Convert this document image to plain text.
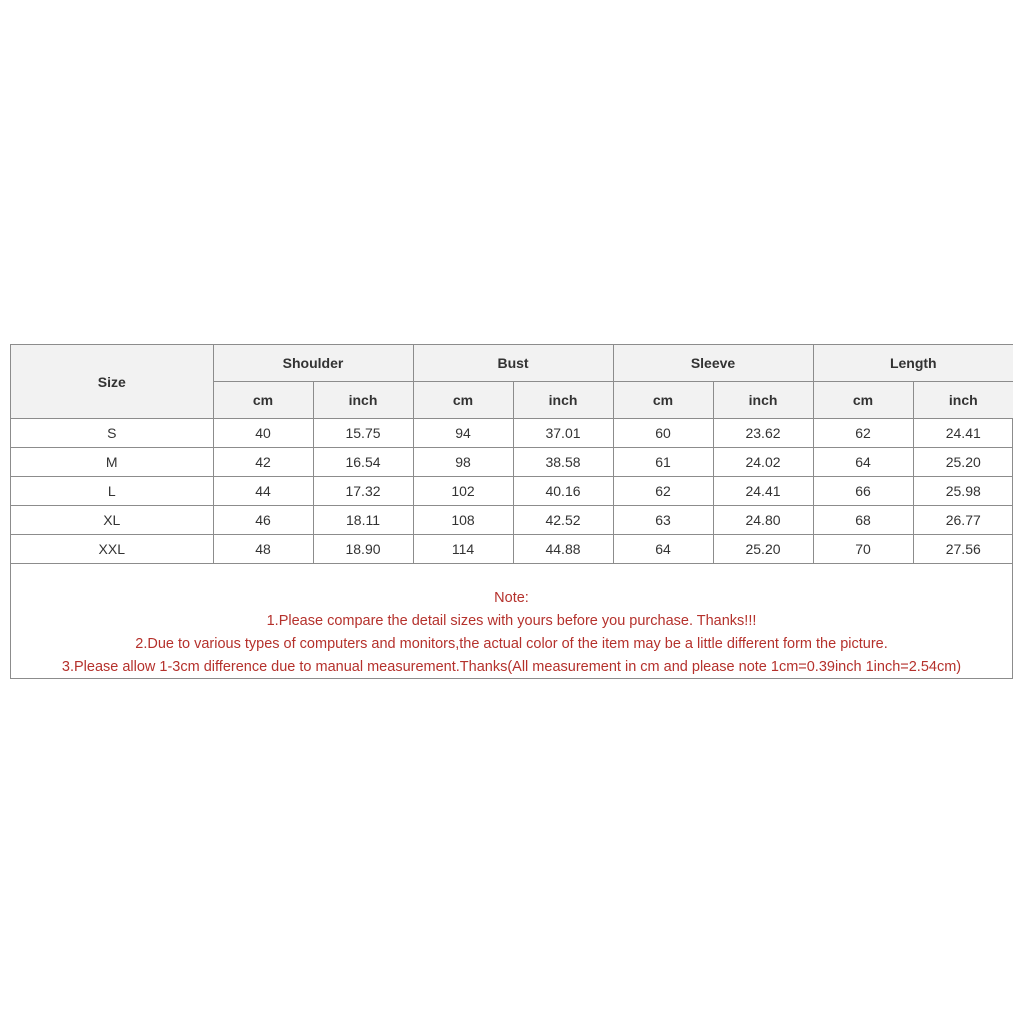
Size	Shoulder		Bust		Sleeve		Length	
	cm	inch	cm	inch	cm	inch	cm	inch
S	40	15.75	94	37.01	60	23.62	62	24.41
M	42	16.54	98	38.58	61	24.02	64	25.20
L	44	17.32	102	40.16	62	24.41	66	25.98
XL	46	18.11	108	42.52	63	24.80	68	26.77
XXL	48	18.90	114	44.88	64	25.20	70	27.56
Note:
1.Please compare the detail sizes with yours before you purchase. Thanks!!!
2.Due to various types of computers and monitors,the actual color of the item may be a little different form the picture.
3.Please allow 1-3cm difference due to manual measurement.Thanks(All measurement in cm and please note 1cm=0.39inch 1inch=2.54cm)
